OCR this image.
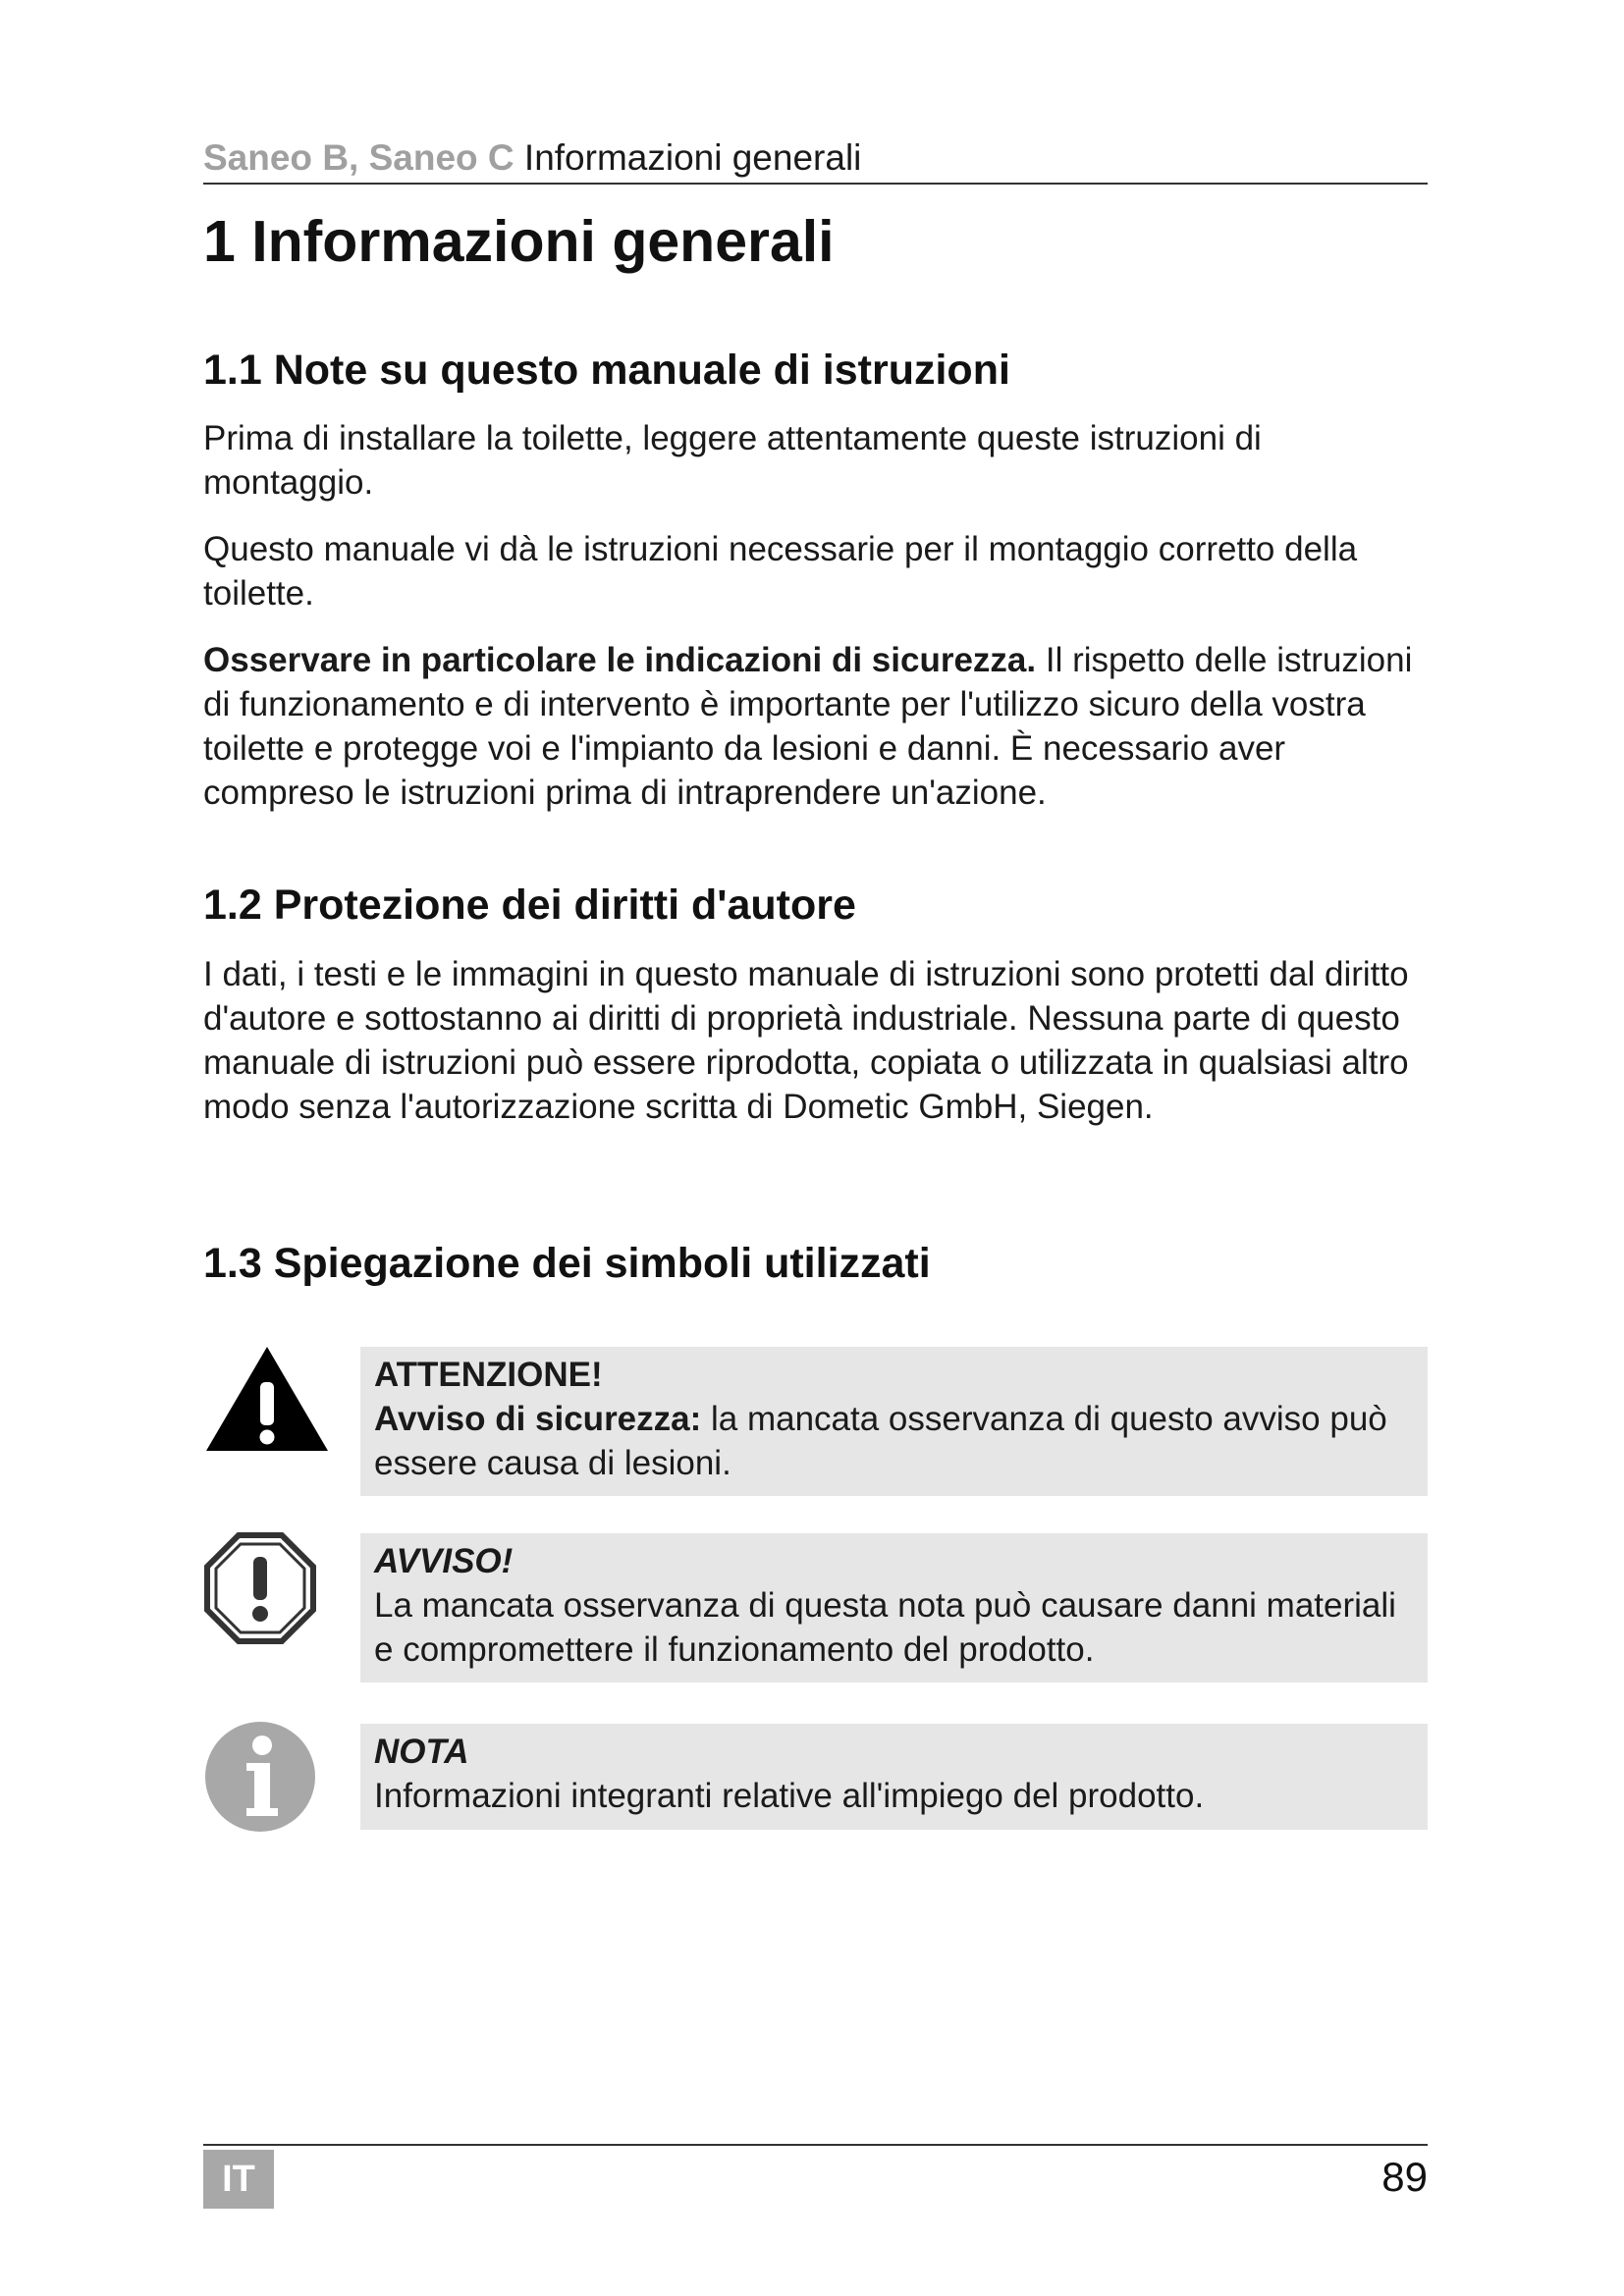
Saneo B, Saneo C Informazioni generali
1 Informazioni generali
1.1 Note su questo manuale di istruzioni

Prima di installare la toilette, leggere attentamente queste istruzioni di montaggio.

Questo manuale vi dà le istruzioni necessarie per il montaggio corretto della toilette.

Osservare in particolare le indicazioni di sicurezza. Il rispetto delle istruzioni di funzionamento e di intervento è importante per l'utilizzo sicuro della vostra toilette e protegge voi e l'impianto da lesioni e danni. È necessario aver compreso le istruzioni prima di intraprendere un'azione.

1.2 Protezione dei diritti d'autore

I dati, i testi e le immagini in questo manuale di istruzioni sono protetti dal diritto d'autore e sottostanno ai diritti di proprietà industriale. Nessuna parte di questo manuale di istruzioni può essere riprodotta, copiata o utilizzata in qualsiasi altro modo senza l'autorizzazione scritta di Dometic GmbH, Siegen.

1.3 Spiegazione dei simboli utilizzati
ATTENZIONE!
Avviso di sicurezza: la mancata osservanza di questo avviso può essere causa di lesioni.
AVVISO!
La mancata osservanza di questa nota può causare danni materiali e compromettere il funzionamento del prodotto.
NOTA
Informazioni integranti relative all'impiego del prodotto.
IT	89
